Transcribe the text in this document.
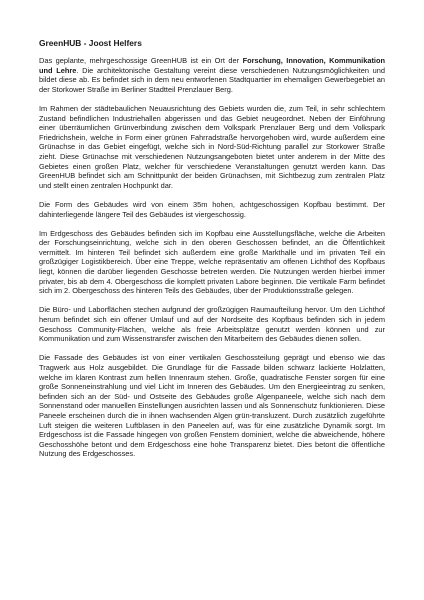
GreenHUB - Joost Helfers

Das geplante, mehrgeschossige GreenHUB ist ein Ort der Forschung, Innovation, Kommunikation und Lehre. Die architektonische Gestaltung vereint diese verschiedenen Nutzungsmöglichkeiten und bildet diese ab. Es befindet sich in dem neu entworfenen Stadtquartier im ehemaligen Gewerbegebiet an der Storkower Straße im Berliner Stadtteil Prenzlauer Berg.

Im Rahmen der städtebaulichen Neuausrichtung des Gebiets wurden die, zum Teil, in sehr schlechtem Zustand befindlichen Industriehallen abgerissen und das Gebiet neugeordnet. Neben der Einführung einer überräumlichen Grünverbindung zwischen dem Volkspark Prenzlauer Berg und dem Volkspark Friedrichshein, welche in Form einer grünen Fahrradstraße hervorgehoben wird, wurde außerdem eine Grünachse in das Gebiet eingefügt, welche sich in Nord-Süd-Richtung parallel zur Storkower Straße zieht. Diese Grünachse mit verschiedenen Nutzungsangeboten bietet unter anderem in der Mitte des Gebietes einen großen Platz, welcher für verschiedene Veranstaltungen genutzt werden kann. Das GreenHUB befindet sich am Schnittpunkt der beiden Grünachsen, mit Sichtbezug zum zentralen Platz und stellt einen zentralen Hochpunkt dar.

Die Form des Gebäudes wird von einem 35m hohen, achtgeschossigen Kopfbau bestimmt. Der dahinterliegende längere Teil des Gebäudes ist viergeschossig.

Im Erdgeschoss des Gebäudes befinden sich im Kopfbau eine Ausstellungsfläche, welche die Arbeiten der Forschungseinrichtung, welche sich in den oberen Geschossen befindet, an die Öffentlichkeit vermittelt. Im hinteren Teil befindet sich außerdem eine große Markthalle und im privaten Teil ein großzügiger Logistikbereich. Über eine Treppe, welche repräsentativ am offenen Lichthof des Kopfbaus liegt, können die darüber liegenden Geschosse betreten werden. Die Nutzungen werden hierbei immer privater, bis ab dem 4. Obergeschoss die komplett privaten Labore beginnen. Die vertikale Farm befindet sich im 2. Obergeschoss des hinteren Teils des Gebäudes, über der Produktionsstraße gelegen.

Die Büro- und Laborflächen stechen aufgrund der großzügigen Raumaufteilung hervor. Um den Lichthof herum befindet sich ein offener Umlauf und auf der Nordseite des Kopfbaus befinden sich in jedem Geschoss Community-Flächen, welche als freie Arbeitsplätze genutzt werden können und zur Kommunikation und zum Wissenstransfer zwischen den Mitarbeitern des Gebäudes dienen sollen.

Die Fassade des Gebäudes ist von einer vertikalen Geschossteilung geprägt und ebenso wie das Tragwerk aus Holz ausgebildet. Die Grundlage für die Fassade bilden schwarz lackierte Holzlatten, welche im klaren Kontrast zum hellen Innenraum stehen. Große, quadratische Fenster sorgen für eine große Sonneneinstrahlung und viel Licht im Inneren des Gebäudes. Um den Energieeintrag zu senken, befinden sich an der Süd- und Ostseite des Gebäudes große Algenpaneele, welche sich nach dem Sonnenstand oder manuellen Einstellungen ausrichten lassen und als Sonnenschutz funktionieren. Diese Paneele erscheinen durch die in ihnen wachsenden Algen grün-transluzent. Durch zusätzlich zugeführte Luft steigen die weiteren Luftblasen in den Paneelen auf, was für eine zusätzliche Dynamik sorgt. Im Erdgeschoss ist die Fassade hingegen von großen Fenstern dominiert, welche die abweichende, höhere Geschosshöhe betont und dem Erdgeschoss eine hohe Transparenz bietet. Dies betont die öffentliche Nutzung des Erdgeschosses.
